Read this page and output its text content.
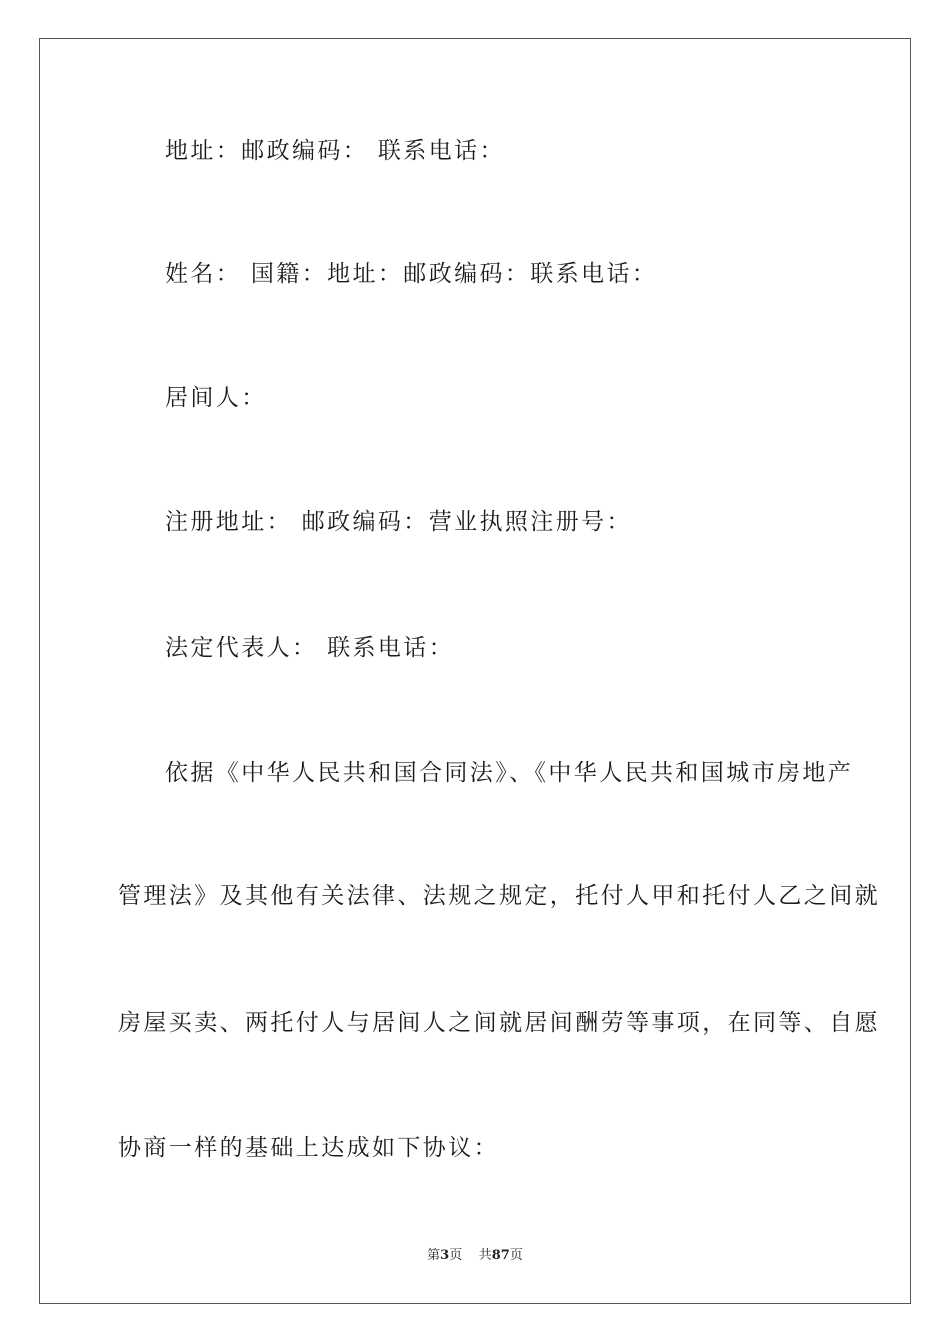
地址：邮政编码： 联系电话：
姓名： 国籍：地址：邮政编码：联系电话：
居间人：
注册地址： 邮政编码：营业执照注册号：
法定代表人： 联系电话：
依据《中华人民共和国合同法》、《中华人民共和国城市房地产
管理法》及其他有关法律、法规之规定，托付人甲和托付人乙之间就
房屋买卖、两托付人与居间人之间就居间酬劳等事项，在同等、自愿
协商一样的基础上达成如下协议：
第3页 共87页
